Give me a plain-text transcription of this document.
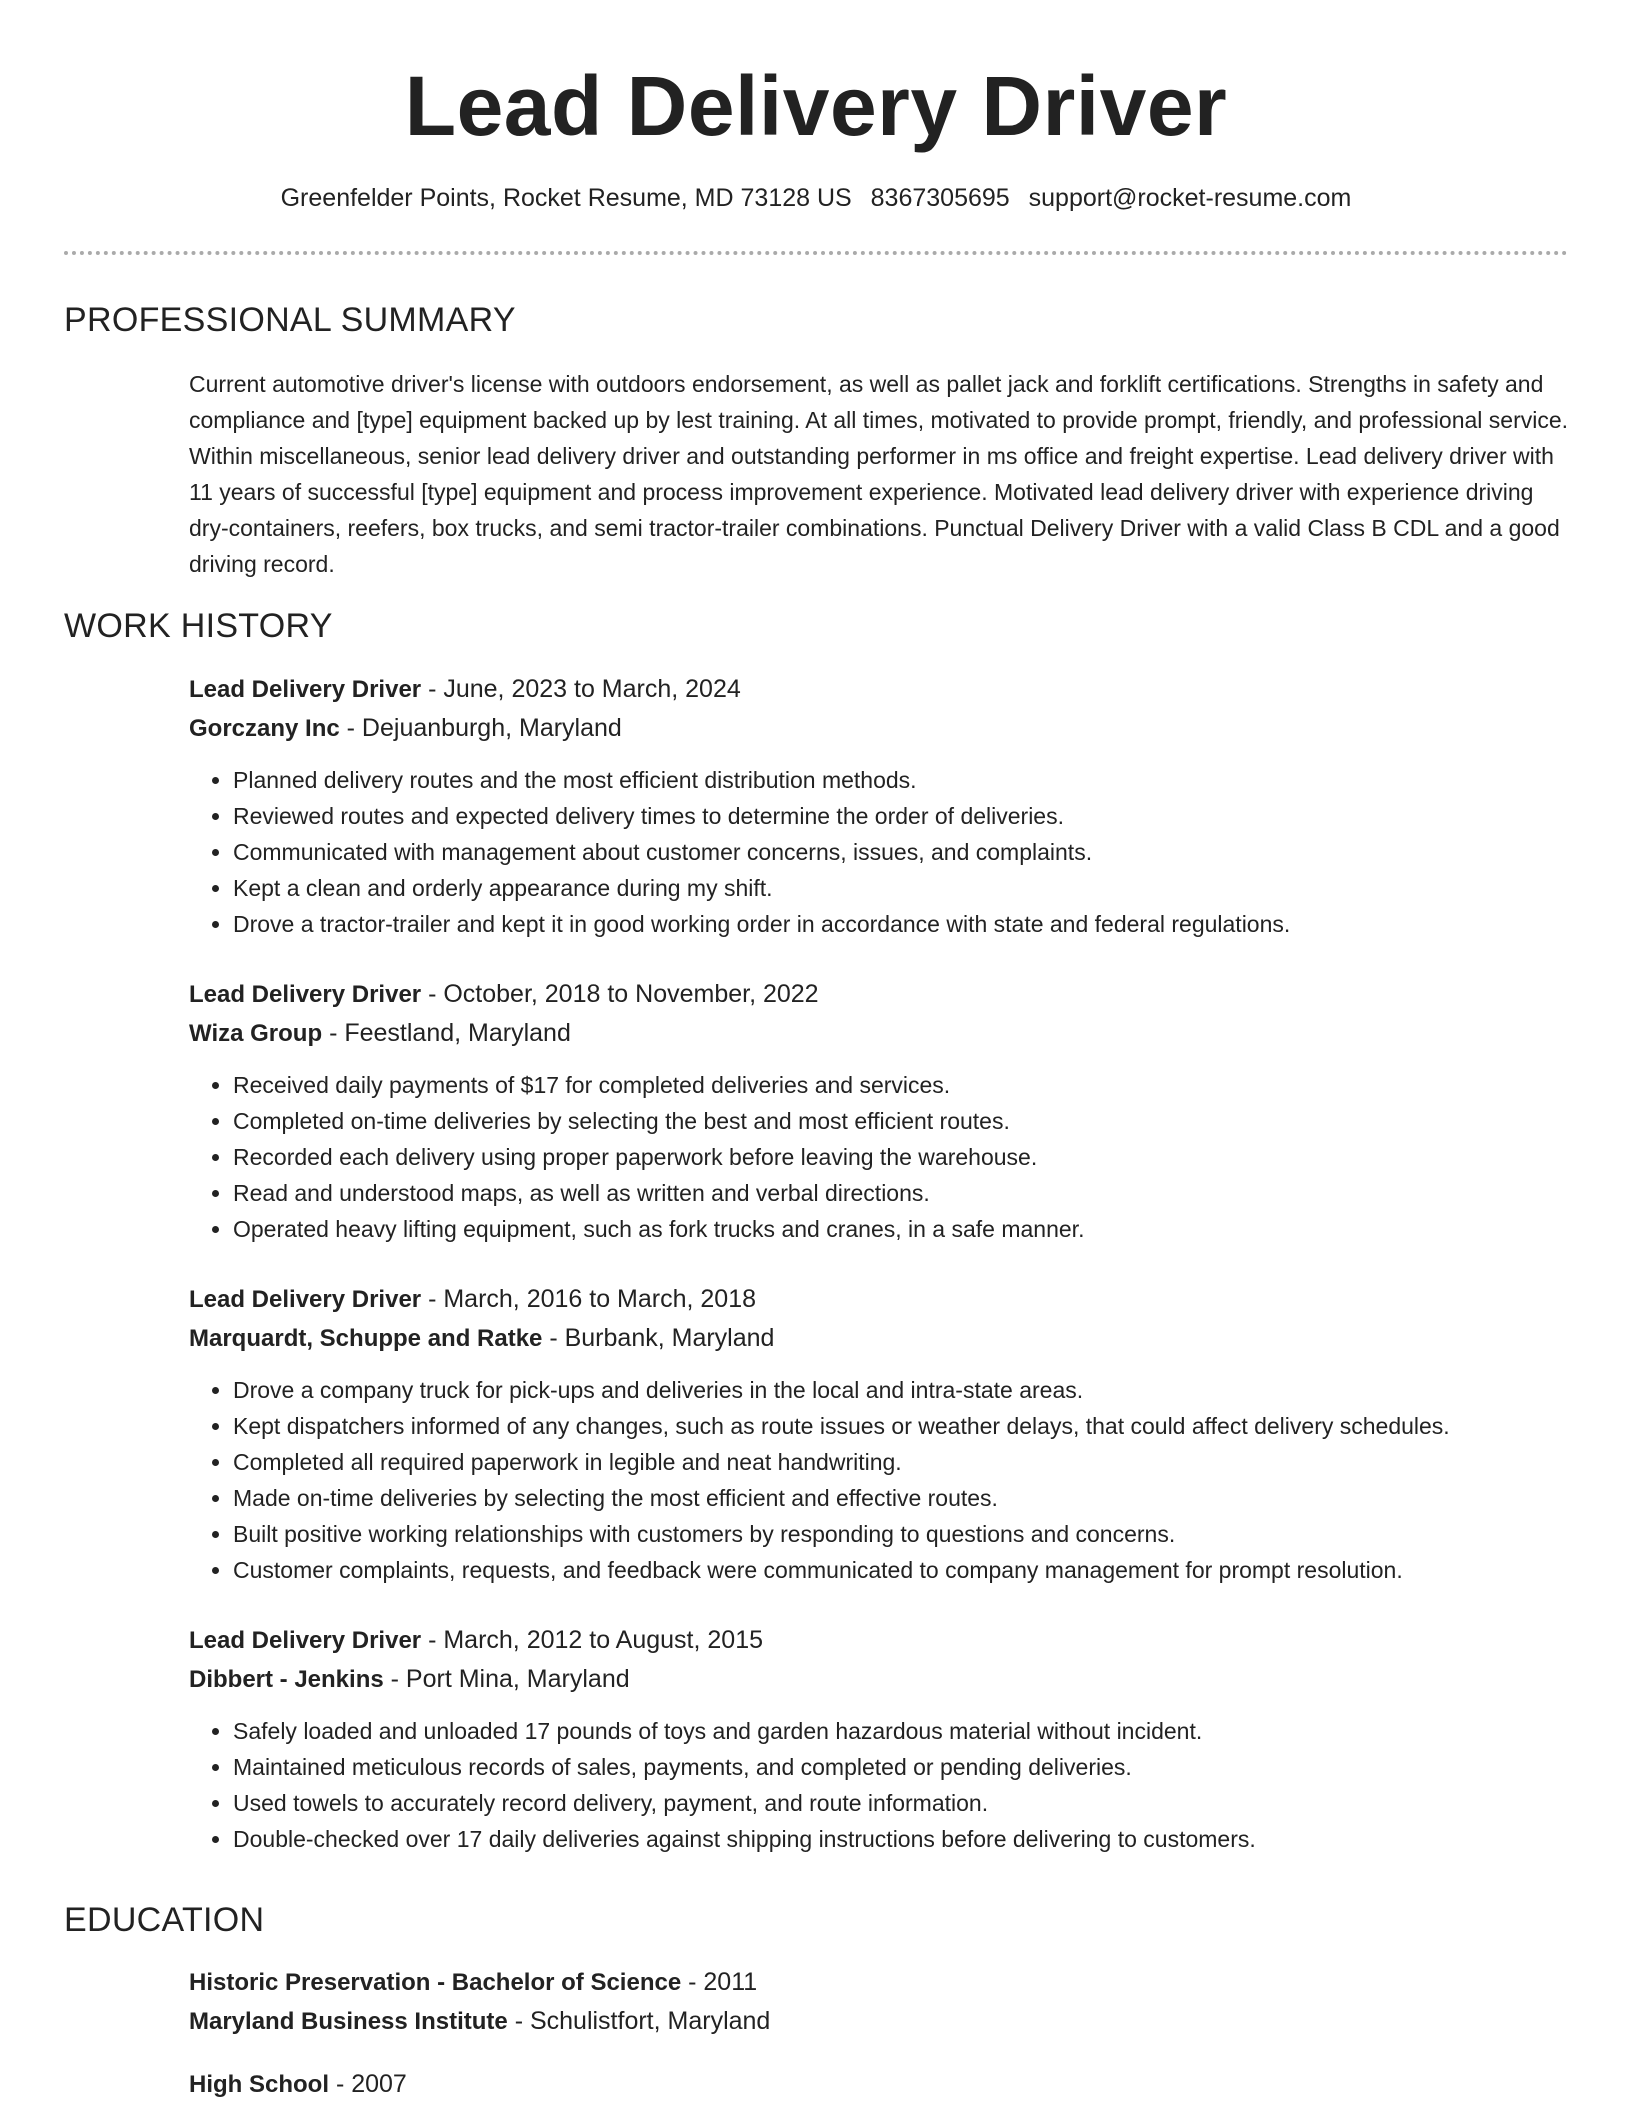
Lead Delivery Driver
Greenfelder Points, Rocket Resume, MD 73128 US 8367305695 support@rocket-resume.com
PROFESSIONAL SUMMARY

Current automotive driver's license with outdoors endorsement, as well as pallet jack and forklift certifications. Strengths in safety and compliance and [type] equipment backed up by lest training. At all times, motivated to provide prompt, friendly, and professional service. Within miscellaneous, senior lead delivery driver and outstanding performer in ms office and freight expertise. Lead delivery driver with 11 years of successful [type] equipment and process improvement experience. Motivated lead delivery driver with experience driving dry-containers, reefers, box trucks, and semi tractor-trailer combinations. Punctual Delivery Driver with a valid Class B CDL and a good driving record.

WORK HISTORY
Lead Delivery Driver - June, 2023 to March, 2024
Gorczany Inc - Dejuanburgh, Maryland
• Planned delivery routes and the most efficient distribution methods.
• Reviewed routes and expected delivery times to determine the order of deliveries.
• Communicated with management about customer concerns, issues, and complaints.
• Kept a clean and orderly appearance during my shift.
• Drove a tractor-trailer and kept it in good working order in accordance with state and federal regulations.
Lead Delivery Driver - October, 2018 to November, 2022
Wiza Group - Feestland, Maryland
• Received daily payments of $17 for completed deliveries and services.
• Completed on-time deliveries by selecting the best and most efficient routes.
• Recorded each delivery using proper paperwork before leaving the warehouse.
• Read and understood maps, as well as written and verbal directions.
• Operated heavy lifting equipment, such as fork trucks and cranes, in a safe manner.
Lead Delivery Driver - March, 2016 to March, 2018
Marquardt, Schuppe and Ratke - Burbank, Maryland
• Drove a company truck for pick-ups and deliveries in the local and intra-state areas.
• Kept dispatchers informed of any changes, such as route issues or weather delays, that could affect delivery schedules.
• Completed all required paperwork in legible and neat handwriting.
• Made on-time deliveries by selecting the most efficient and effective routes.
• Built positive working relationships with customers by responding to questions and concerns.
• Customer complaints, requests, and feedback were communicated to company management for prompt resolution.
Lead Delivery Driver - March, 2012 to August, 2015
Dibbert - Jenkins - Port Mina, Maryland
• Safely loaded and unloaded 17 pounds of toys and garden hazardous material without incident.
• Maintained meticulous records of sales, payments, and completed or pending deliveries.
• Used towels to accurately record delivery, payment, and route information.
• Double-checked over 17 daily deliveries against shipping instructions before delivering to customers.
EDUCATION
Historic Preservation - Bachelor of Science - 2011
Maryland Business Institute - Schulistfort, Maryland
High School - 2007
